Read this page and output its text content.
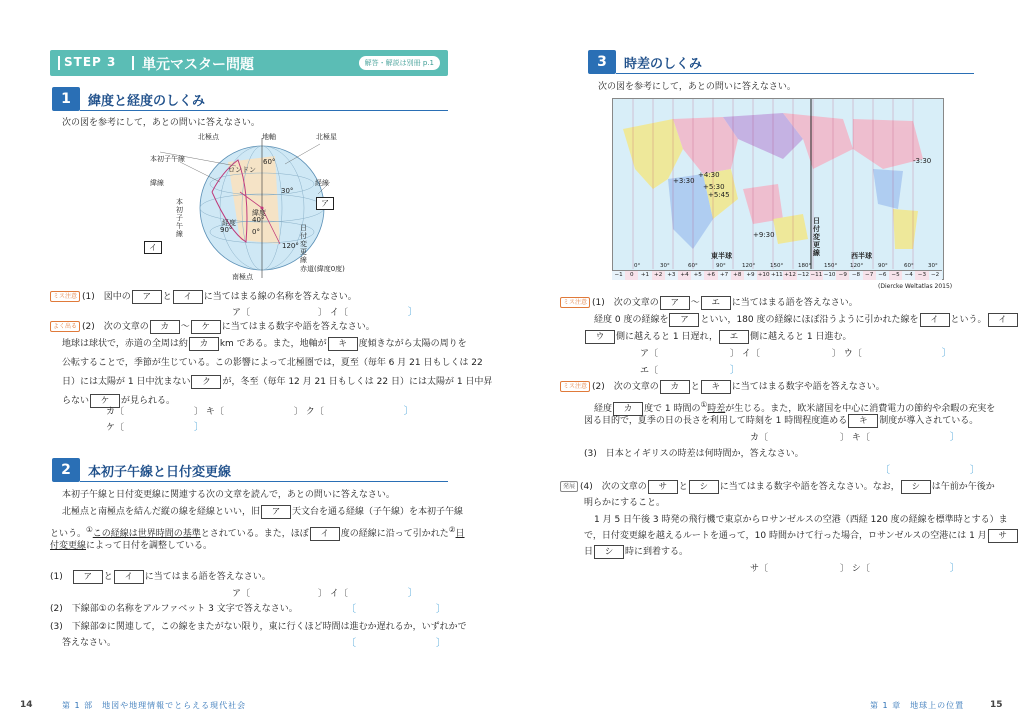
STEP 3 単元マスター問題	解答・解説は別冊 p.1
1	緯度と経度のしくみ
次の図を参考にして，あとの問いに答えなさい。
北極点	地軸	北極星
本初子午線
緯線	経線
ロンドン
60°
30°
経度
90°
緯度
40°
0°
120°
本初子午線
日付変更線
ア
イ
南極点
赤道(緯度0度)
ミス注意 (1)　図中の ア と イ に当てはまる線の名称を答えなさい。
ア〔	〕 イ〔	〕
よく出る (2)　次の文章の カ ～ ケ に当てはまる数字や語を答えなさい。
地球は球状で，赤道の全周は約 カ km である。また，地軸が キ 度傾きながら太陽の周りを
公転することで，季節が生じている。この影響によって北極圏では，夏至（毎年 6 月 21 日もしくは 22
日）には太陽が 1 日中沈まない ク が，冬至（毎年 12 月 21 日もしくは 22 日）には太陽が 1 日中昇
らない ケ が見られる。
カ〔	〕 キ〔	〕 ク〔	〕
ケ〔	〕
2	本初子午線と日付変更線
本初子午線と日付変更線に関連する次の文章を読んで，あとの問いに答えなさい。
北極点と南極点を結んだ縦の線を経線といい，旧 ア 天文台を通る経線（子午線）を本初子午線
という。①この経線は世界時間の基準とされている。また，ほぼ イ 度の経線に沿って引かれた②日
付変更線によって日付を調整している。
(1)　ア と イ に当てはまる語を答えなさい。
ア〔	〕 イ〔	〕
(2)　下線部①の名称をアルファベット 3 文字で答えなさい。	〔	〕
(3)　下線部②に関連して，この線をまたがない限り，東に行くほど時間は進むか遅れるか，いずれかで
答えなさい。	〔	〕
14	第 1 部　地図や地理情報でとらえる現代社会
3	時差のしくみ
次の図を参考にして，あとの問いに答えなさい。
+3:30
+4:30
+5:45
+5:30
+9:30
-3:30
東半球	西半球
日付変更線
0°	30°	60°	90°	120°	150°	180° 150° 120°	90°	60°	30°
−1 0 +1 +2 +3 +4 +5 +6 +7 +8 +9 +10+11+12−12−11−10 −9 −8 −7 −6 −5 −4 −3 −2
(Diercke Weltatlas 2015)
ミス注意 (1)　次の文章の ア ～ エ に当てはまる語を答えなさい。
経度 0 度の経線を ア といい，180 度の経線にほぼ沿うように引かれた線を イ という。 イ
ウ 側に越えると 1 日遅れ， エ 側に越えると 1 日進む。
ア〔	〕 イ〔	〕 ウ〔	〕
エ〔	〕
ミス注意 (2)　次の文章の カ と キ に当てはまる数字や語を答えなさい。
経度 カ 度で 1 時間の①時差が生じる。また，欧米諸国を中心に消費電力の節約や余暇の充実を
図る目的で，夏季の日の長さを利用して時刻を 1 時間程度進める キ 制度が導入されている。
カ〔	〕 キ〔	〕
(3)　日本とイギリスの時差は何時間か，答えなさい。
〔	〕
発展 (4)　次の文章の サ と シ に当てはまる数字や語を答えなさい。なお， シ は午前か午後か
明らかにすること。
1 月 5 日午後 3 時発の飛行機で東京からロサンゼルスの空港（西経 120 度の経線を標準時とする）ま
で，日付変更線を越えるルートを通って，10 時間かけて行った場合，ロサンゼルスの空港には 1 月 サ
日 シ 時に到着する。
サ〔	〕 シ〔	〕
第 1 章　地球上の位置	15
